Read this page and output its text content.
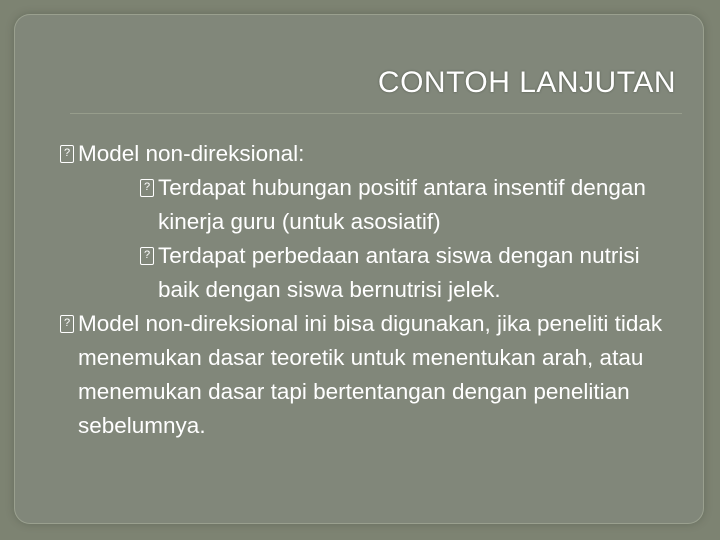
CONTOH LANJUTAN
? Model non-direksional:
? Terdapat hubungan positif antara insentif dengan kinerja guru (untuk asosiatif)
? Terdapat perbedaan antara siswa dengan nutrisi baik dengan siswa bernutrisi jelek.
? Model non-direksional ini bisa digunakan, jika peneliti tidak menemukan dasar teoretik untuk menentukan arah, atau menemukan dasar tapi bertentangan dengan penelitian sebelumnya.
